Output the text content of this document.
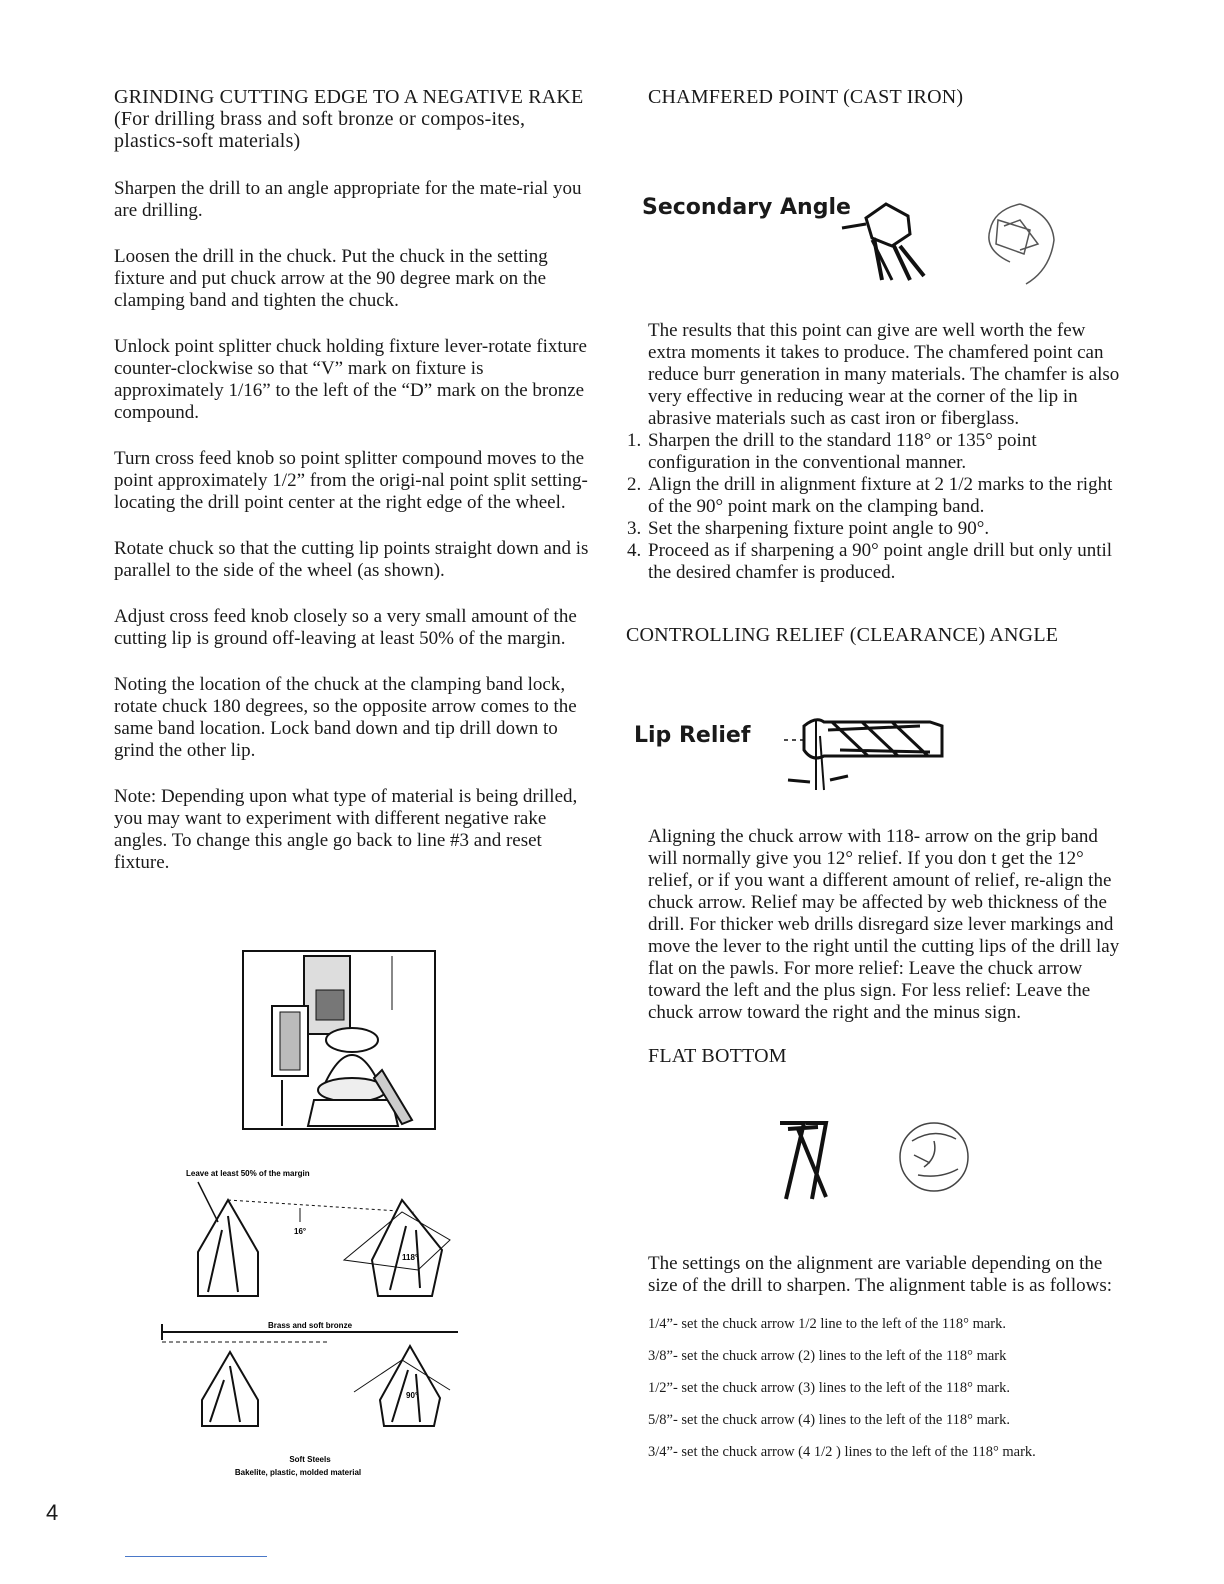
GRINDING CUTTING EDGE TO A NEGATIVE RAKE (For drilling brass and soft bronze or compos-ites, plastics-soft materials)

Sharpen the drill to an angle appropriate for the mate-rial you are drilling.

Loosen the drill in the chuck. Put the chuck in the setting fixture and put chuck arrow at the 90 degree mark on the clamping band and tighten the chuck.

Unlock point splitter chuck holding fixture lever-rotate fixture counter-clockwise so that “V” mark on fixture is approximately 1/16” to the left of the “D” mark on the bronze compound.

Turn cross feed knob so point splitter compound moves to the point approximately 1/2” from the origi-nal point split setting-locating the drill point center at the right edge of the wheel.

Rotate chuck so that the cutting lip points straight down and is parallel to the side of the wheel (as shown).

Adjust cross feed knob closely so a very small amount of the cutting lip is ground off-leaving at least 50% of the margin.

Noting the location of the chuck at the clamping band lock, rotate chuck 180 degrees, so the opposite arrow comes to the same band location. Lock band down and tip drill down to grind the other lip.

Note: Depending upon what type of material is being drilled, you may want to experiment with different negative rake angles. To change this angle go back to line #3 and reset fixture.

Leave at least 50% of the margin
16°
118°
Brass and soft bronze
90°
Soft Steels
Bakelite, plastic, molded material

CHAMFERED POINT (CAST IRON)

Secondary Angle

The results that this point can give are well worth the few extra moments it takes to produce. The chamfered point can reduce burr generation in many materials. The chamfer is also very effective in reducing wear at the corner of the lip in abrasive materials such as cast iron or fiberglass.

1. Sharpen the drill to the standard 118° or 135° point configuration in the conventional manner.
2. Align the drill in alignment fixture at 2 1/2 marks to the right of the 90° point mark on the clamping band.
3. Set the sharpening fixture point angle to 90°.
4. Proceed as if sharpening a 90° point angle drill but only until the desired chamfer is produced.

CONTROLLING RELIEF (CLEARANCE) ANGLE

Lip Relief

Aligning the chuck arrow with 118- arrow on the grip band will normally give you 12° relief. If you don t get the 12° relief, or if you want a different amount of relief, re-align the chuck arrow. Relief may be affected by web thickness of the drill. For thicker web drills disregard size lever markings and move the lever to the right until the cutting lips of the drill lay flat on the pawls. For more relief: Leave the chuck arrow toward the left and the plus sign. For less relief: Leave the chuck arrow toward the right and the minus sign.

FLAT BOTTOM

The settings on the alignment are variable depending on the size of the drill to sharpen. The alignment table is as follows:

1/4”- set the chuck arrow 1/2 line to the left of the 118° mark.

3/8”- set the chuck arrow (2) lines to the left of the 118° mark

1/2”- set the chuck arrow (3) lines to the left of the 118° mark.

5/8”- set the chuck arrow (4) lines to the left of the 118° mark.

3/4”- set the chuck arrow (4 1/2 ) lines to the left of the 118° mark.

4
